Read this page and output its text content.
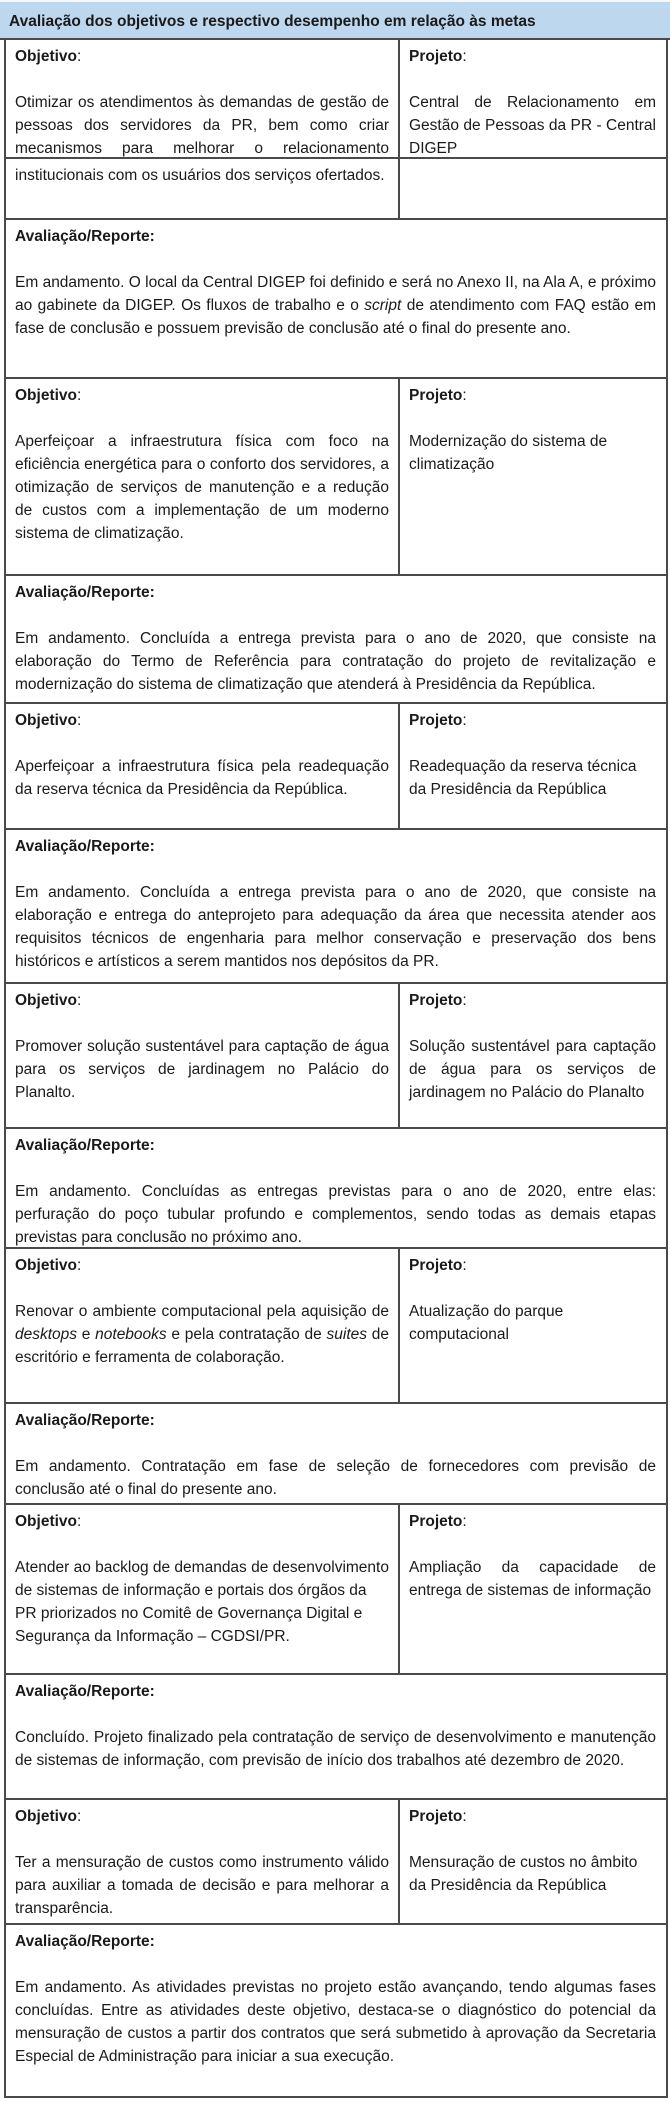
Avaliação dos objetivos e respectivo desempenho em relação às metas
Objetivo:

Otimizar os atendimentos às demandas de gestão de pessoas dos servidores da PR, bem como criar mecanismos para melhorar o relacionamento

Projeto:

Central de Relacionamento em Gestão de Pessoas da PR - Central DIGEP

institucionais com os usuários dos serviços ofertados.

Avaliação/Reporte:

Em andamento. O local da Central DIGEP foi definido e será no Anexo II, na Ala A, e próximo ao gabinete da DIGEP. Os fluxos de trabalho e o script de atendimento com FAQ estão em fase de conclusão e possuem previsão de conclusão até o final do presente ano.

Objetivo:

Aperfeiçoar a infraestrutura física com foco na eficiência energética para o conforto dos servidores, a otimização de serviços de manutenção e a redução de custos com a implementação de um moderno sistema de climatização.

Projeto:

Modernização do sistema de climatização

Avaliação/Reporte:

Em andamento. Concluída a entrega prevista para o ano de 2020, que consiste na elaboração do Termo de Referência para contratação do projeto de revitalização e modernização do sistema de climatização que atenderá à Presidência da República.

Objetivo:

Aperfeiçoar a infraestrutura física pela readequação da reserva técnica da Presidência da República.

Projeto:

Readequação da reserva técnica da Presidência da República

Avaliação/Reporte:

Em andamento. Concluída a entrega prevista para o ano de 2020, que consiste na elaboração e entrega do anteprojeto para adequação da área que necessita atender aos requisitos técnicos de engenharia para melhor conservação e preservação dos bens históricos e artísticos a serem mantidos nos depósitos da PR.

Objetivo:

Promover solução sustentável para captação de água para os serviços de jardinagem no Palácio do Planalto.

Projeto:

Solução sustentável para captação de água para os serviços de jardinagem no Palácio do Planalto

Avaliação/Reporte:

Em andamento. Concluídas as entregas previstas para o ano de 2020, entre elas: perfuração do poço tubular profundo e complementos, sendo todas as demais etapas previstas para conclusão no próximo ano.

Objetivo:

Renovar o ambiente computacional pela aquisição de desktops e notebooks e pela contratação de suites de escritório e ferramenta de colaboração.

Projeto:

Atualização do parque computacional

Avaliação/Reporte:

Em andamento. Contratação em fase de seleção de fornecedores com previsão de conclusão até o final do presente ano.

Objetivo:

Atender ao backlog de demandas de desenvolvimento de sistemas de informação e portais dos órgãos da PR priorizados no Comitê de Governança Digital e Segurança da Informação – CGDSI/PR.

Projeto:

Ampliação da capacidade de entrega de sistemas de informação

Avaliação/Reporte:

Concluído. Projeto finalizado pela contratação de serviço de desenvolvimento e manutenção de sistemas de informação, com previsão de início dos trabalhos até dezembro de 2020.

Objetivo:

Ter a mensuração de custos como instrumento válido para auxiliar a tomada de decisão e para melhorar a transparência.

Projeto:

Mensuração de custos no âmbito da Presidência da República

Avaliação/Reporte:

Em andamento. As atividades previstas no projeto estão avançando, tendo algumas fases concluídas. Entre as atividades deste objetivo, destaca-se o diagnóstico do potencial da mensuração de custos a partir dos contratos que será submetido à aprovação da Secretaria Especial de Administração para iniciar a sua execução.
